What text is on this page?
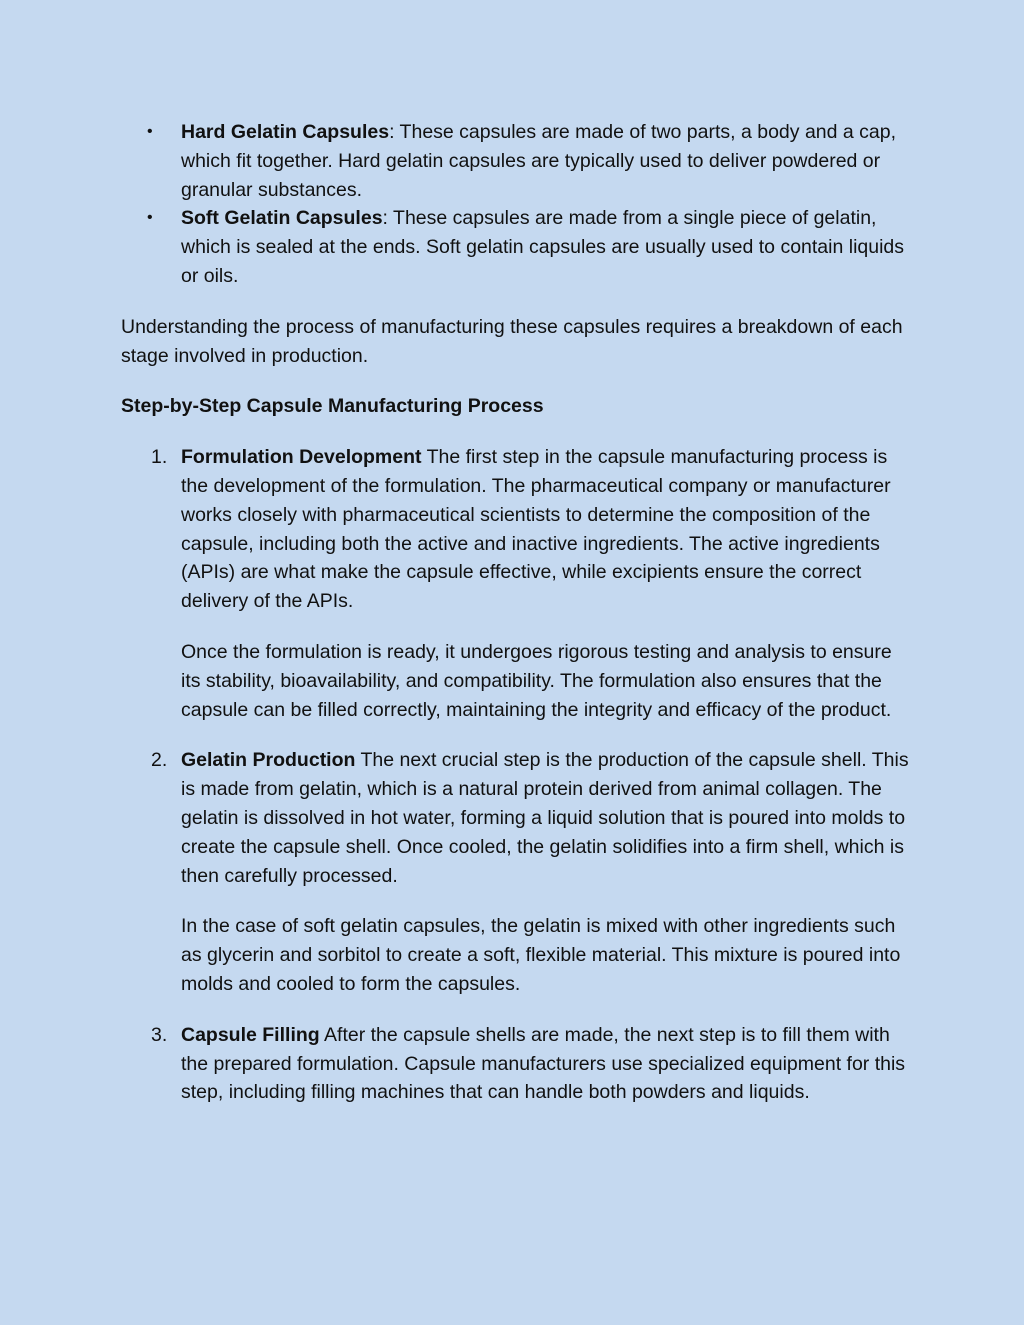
• Hard Gelatin Capsules: These capsules are made of two parts, a body and a cap, which fit together. Hard gelatin capsules are typically used to deliver powdered or granular substances.
• Soft Gelatin Capsules: These capsules are made from a single piece of gelatin, which is sealed at the ends. Soft gelatin capsules are usually used to contain liquids or oils.

Understanding the process of manufacturing these capsules requires a breakdown of each stage involved in production.

Step-by-Step Capsule Manufacturing Process

1. Formulation Development The first step in the capsule manufacturing process is the development of the formulation. The pharmaceutical company or manufacturer works closely with pharmaceutical scientists to determine the composition of the capsule, including both the active and inactive ingredients. The active ingredients (APIs) are what make the capsule effective, while excipients ensure the correct delivery of the APIs.

Once the formulation is ready, it undergoes rigorous testing and analysis to ensure its stability, bioavailability, and compatibility. The formulation also ensures that the capsule can be filled correctly, maintaining the integrity and efficacy of the product.

2. Gelatin Production The next crucial step is the production of the capsule shell. This is made from gelatin, which is a natural protein derived from animal collagen. The gelatin is dissolved in hot water, forming a liquid solution that is poured into molds to create the capsule shell. Once cooled, the gelatin solidifies into a firm shell, which is then carefully processed.

In the case of soft gelatin capsules, the gelatin is mixed with other ingredients such as glycerin and sorbitol to create a soft, flexible material. This mixture is poured into molds and cooled to form the capsules.

3. Capsule Filling After the capsule shells are made, the next step is to fill them with the prepared formulation. Capsule manufacturers use specialized equipment for this step, including filling machines that can handle both powders and liquids.
